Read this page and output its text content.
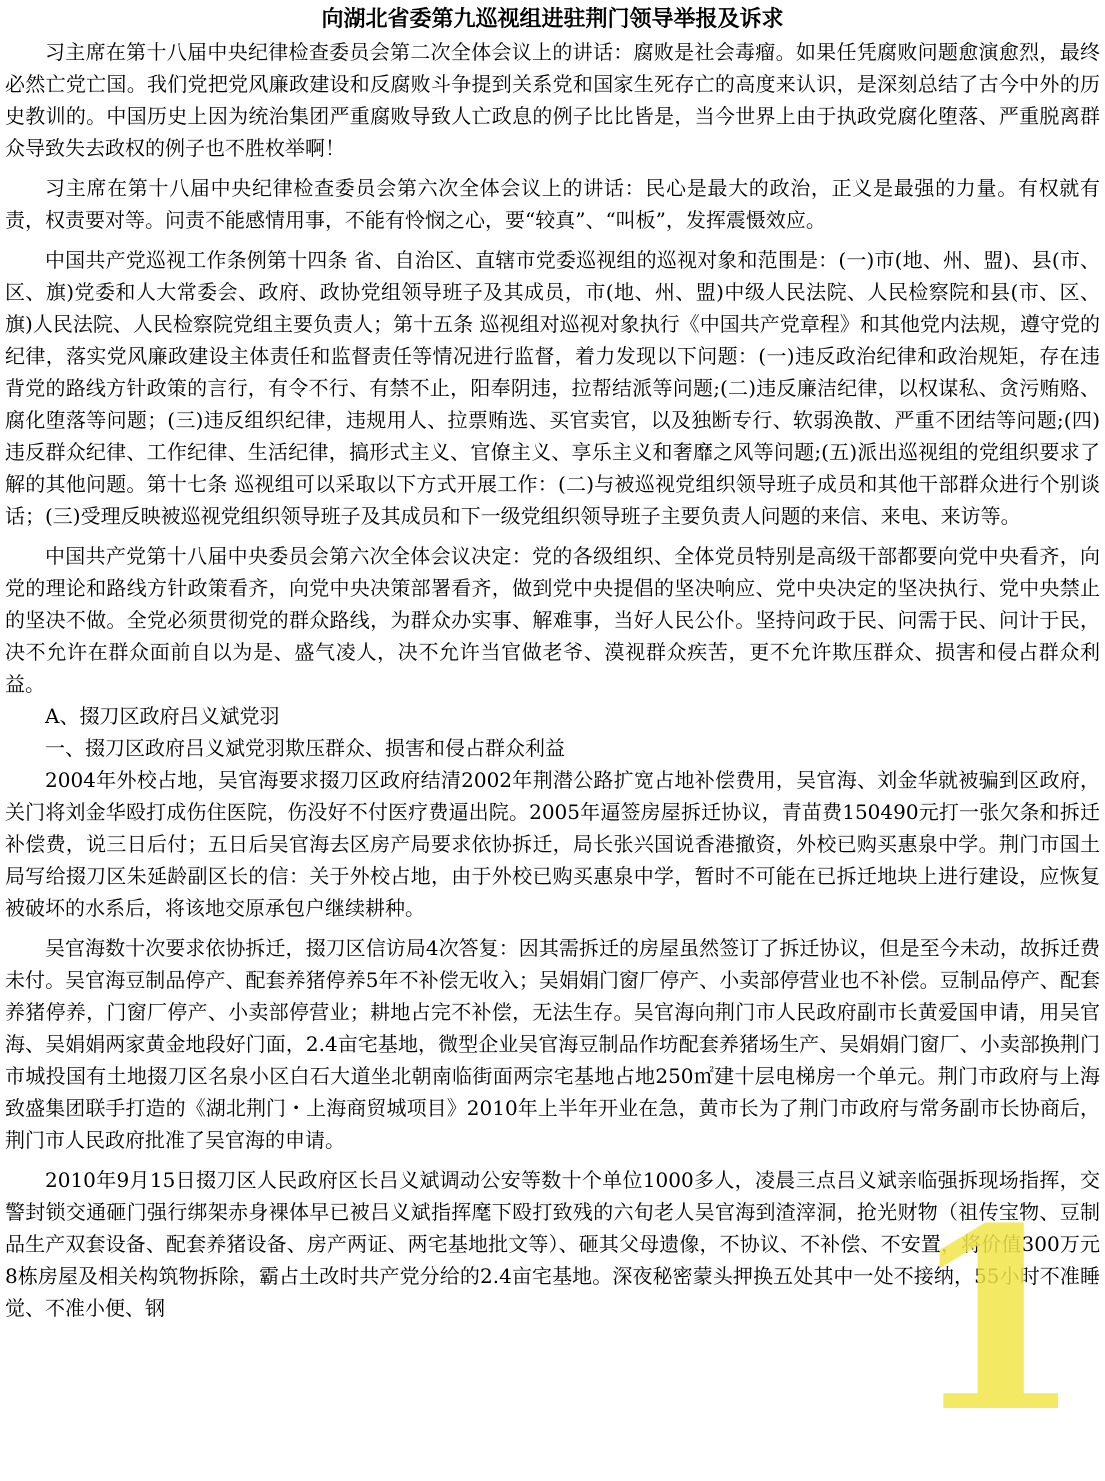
向湖北省委第九巡视组进驻荆门领导举报及诉求

习主席在第十八届中央纪律检查委员会第二次全体会议上的讲话：腐败是社会毒瘤。如果任凭腐败问题愈演愈烈，最终必然亡党亡国。我们党把党风廉政建设和反腐败斗争提到关系党和国家生死存亡的高度来认识，是深刻总结了古今中外的历史教训的。中国历史上因为统治集团严重腐败导致人亡政息的例子比比皆是，当今世界上由于执政党腐化堕落、严重脱离群众导致失去政权的例子也不胜枚举啊！

习主席在第十八届中央纪律检查委员会第六次全体会议上的讲话：民心是最大的政治，正义是最强的力量。有权就有责，权责要对等。问责不能感情用事，不能有怜悯之心，要“较真”、“叫板”，发挥震慑效应。

中国共产党巡视工作条例第十四条 省、自治区、直辖市党委巡视组的巡视对象和范围是：(一)市(地、州、盟)、县(市、区、旗)党委和人大常委会、政府、政协党组领导班子及其成员，市(地、州、盟)中级人民法院、人民检察院和县(市、区、旗)人民法院、人民检察院党组主要负责人；第十五条 巡视组对巡视对象执行《中国共产党章程》和其他党内法规，遵守党的纪律，落实党风廉政建设主体责任和监督责任等情况进行监督，着力发现以下问题：(一)违反政治纪律和政治规矩，存在违背党的路线方针政策的言行，有令不行、有禁不止，阳奉阴违，拉帮结派等问题;(二)违反廉洁纪律，以权谋私、贪污贿赂、腐化堕落等问题；(三)违反组织纪律，违规用人、拉票贿选、买官卖官，以及独断专行、软弱涣散、严重不团结等问题;(四)违反群众纪律、工作纪律、生活纪律，搞形式主义、官僚主义、享乐主义和奢靡之风等问题;(五)派出巡视组的党组织要求了解的其他问题。第十七条 巡视组可以采取以下方式开展工作：(二)与被巡视党组织领导班子成员和其他干部群众进行个别谈话；(三)受理反映被巡视党组织领导班子及其成员和下一级党组织领导班子主要负责人问题的来信、来电、来访等。

中国共产党第十八届中央委员会第六次全体会议决定：党的各级组织、全体党员特别是高级干部都要向党中央看齐，向党的理论和路线方针政策看齐，向党中央决策部署看齐，做到党中央提倡的坚决响应、党中央决定的坚决执行、党中央禁止的坚决不做。全党必须贯彻党的群众路线，为群众办实事、解难事，当好人民公仆。坚持问政于民、问需于民、问计于民，决不允许在群众面前自以为是、盛气凌人，决不允许当官做老爷、漠视群众疾苦，更不允许欺压群众、损害和侵占群众利益。

A、掇刀区政府吕义斌党羽

一、掇刀区政府吕义斌党羽欺压群众、损害和侵占群众利益

2004年外校占地，吴官海要求掇刀区政府结清2002年荆潜公路扩宽占地补偿费用，吴官海、刘金华就被骗到区政府，关门将刘金华殴打成伤住医院，伤没好不付医疗费逼出院。2005年逼签房屋拆迁协议，青苗费150490元打一张欠条和拆迁补偿费，说三日后付；五日后吴官海去区房产局要求依协拆迁，局长张兴国说香港撤资，外校已购买惠泉中学。荆门市国土局写给掇刀区朱延龄副区长的信：关于外校占地，由于外校已购买惠泉中学，暂时不可能在已拆迁地块上进行建设，应恢复被破坏的水系后，将该地交原承包户继续耕种。

吴官海数十次要求依协拆迁，掇刀区信访局4次答复：因其需拆迁的房屋虽然签订了拆迁协议，但是至今未动，故拆迁费未付。吴官海豆制品停产、配套养猪停养5年不补偿无收入；吴娟娟门窗厂停产、小卖部停营业也不补偿。豆制品停产、配套养猪停养，门窗厂停产、小卖部停营业；耕地占完不补偿，无法生存。吴官海向荆门市人民政府副市长黄爱国申请，用吴官海、吴娟娟两家黄金地段好门面，2.4亩宅基地，微型企业吴官海豆制品作坊配套养猪场生产、吴娟娟门窗厂、小卖部换荆门市城投国有土地掇刀区名泉小区白石大道坐北朝南临街面两宗宅基地占地250㎡建十层电梯房一个单元。荆门市政府与上海致盛集团联手打造的《湖北荆门・上海商贸城项目》2010年上半年开业在急，黄市长为了荆门市政府与常务副市长协商后，荆门市人民政府批准了吴官海的申请。

2010年9月15日掇刀区人民政府区长吕义斌调动公安等数十个单位1000多人，凌晨三点吕义斌亲临强拆现场指挥，交警封锁交通砸门强行绑架赤身裸体早已被吕义斌指挥麾下殴打致残的六旬老人吴官海到渣滓洞，抢光财物（祖传宝物、豆制品生产双套设备、配套养猪设备、房产两证、两宅基地批文等）、砸其父母遗像，不协议、不补偿、不安置，将价值300万元8栋房屋及相关构筑物拆除，霸占土改时共产党分给的2.4亩宅基地。深夜秘密蒙头押换五处其中一处不接纳，55小时不准睡觉、不准小便、钢	1
